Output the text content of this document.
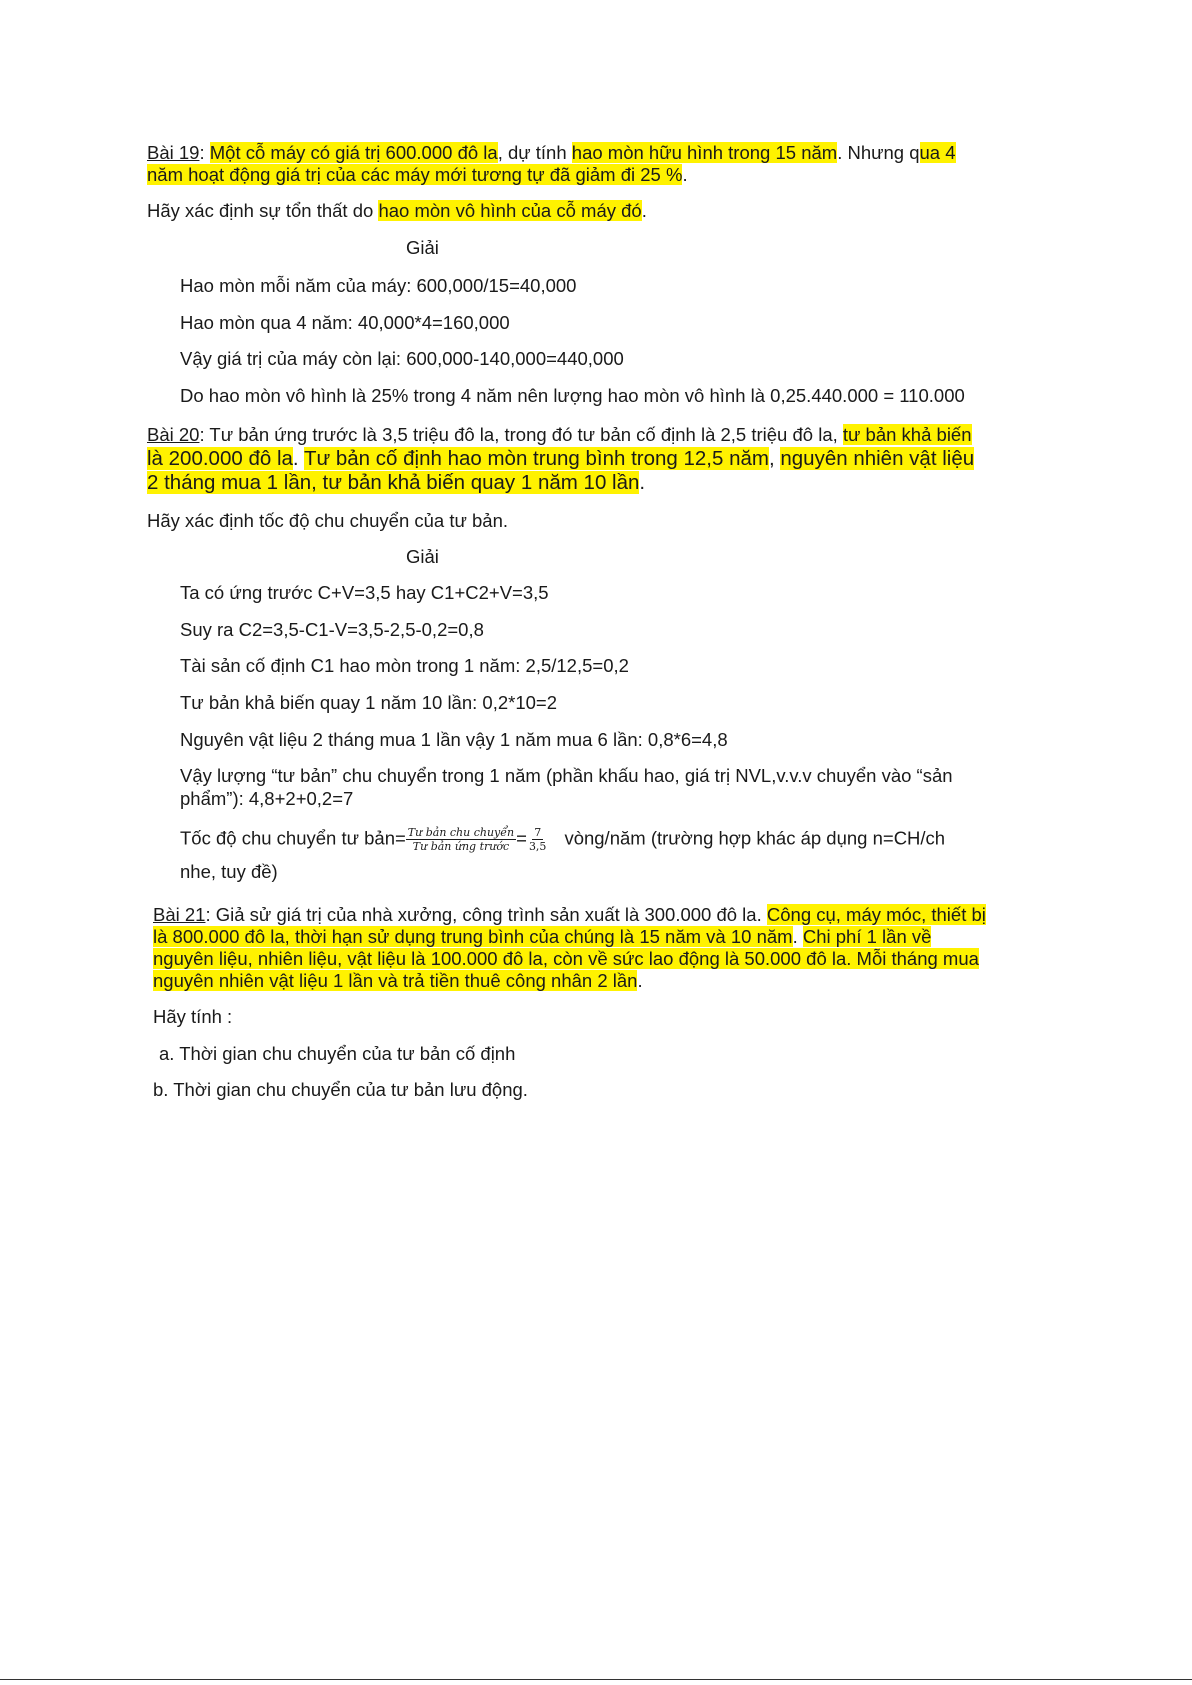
Bài 19: Một cỗ máy có giá trị 600.000 đô la, dự tính hao mòn hữu hình trong 15 năm. Nhưng qua 4
năm hoạt động giá trị của các máy mới tương tự đã giảm đi 25 %.
Hãy xác định sự tổn thất do hao mòn vô hình của cỗ máy đó.
Giải
Hao mòn mỗi năm của máy: 600,000/15=40,000
Hao mòn qua 4 năm: 40,000*4=160,000
Vậy giá trị của máy còn lại: 600,000-140,000=440,000
Do hao mòn vô hình là 25% trong 4 năm nên lượng hao mòn vô hình là 0,25.440.000 = 110.000
Bài 20: Tư bản ứng trước là 3,5 triệu đô la, trong đó tư bản cố định là 2,5 triệu đô la, tư bản khả biến
là 200.000 đô la. Tư bản cố định hao mòn trung bình trong 12,5 năm, nguyên nhiên vật liệu
2 tháng mua 1 lần, tư bản khả biến quay 1 năm 10 lần.
Hãy xác định tốc độ chu chuyển của tư bản.
Giải
Ta có ứng trước C+V=3,5 hay C1+C2+V=3,5
Suy ra C2=3,5-C1-V=3,5-2,5-0,2=0,8
Tài sản cố định C1 hao mòn trong 1 năm: 2,5/12,5=0,2
Tư bản khả biến quay 1 năm 10 lần: 0,2*10=2
Nguyên vật liệu 2 tháng mua 1 lần vậy 1 năm mua 6 lần: 0,8*6=4,8
Vậy lượng “tư bản” chu chuyển trong 1 năm (phần khấu hao, giá trị NVL,v.v.v chuyển vào “sản
phẩm”): 4,8+2+0,2=7
Tốc độ chu chuyển tư bản= $\frac{\text{Tư bản chu chuyển}}{\text{Tư bản ứng trước}} = \frac{7}{3,5}$ vòng/năm (trường hợp khác áp dụng n=CH/ch
nhe, tuy đề)
Bài 21: Giả sử giá trị của nhà xưởng, công trình sản xuất là 300.000 đô la. Công cụ, máy móc, thiết bị
là 800.000 đô la, thời hạn sử dụng trung bình của chúng là 15 năm và 10 năm. Chi phí 1 lần về
nguyên liệu, nhiên liệu, vật liệu là 100.000 đô la, còn về sức lao động là 50.000 đô la. Mỗi tháng mua
nguyên nhiên vật liệu 1 lần và trả tiền thuê công nhân 2 lần.
Hãy tính :
a. Thời gian chu chuyển của tư bản cố định
b. Thời gian chu chuyển của tư bản lưu động.
